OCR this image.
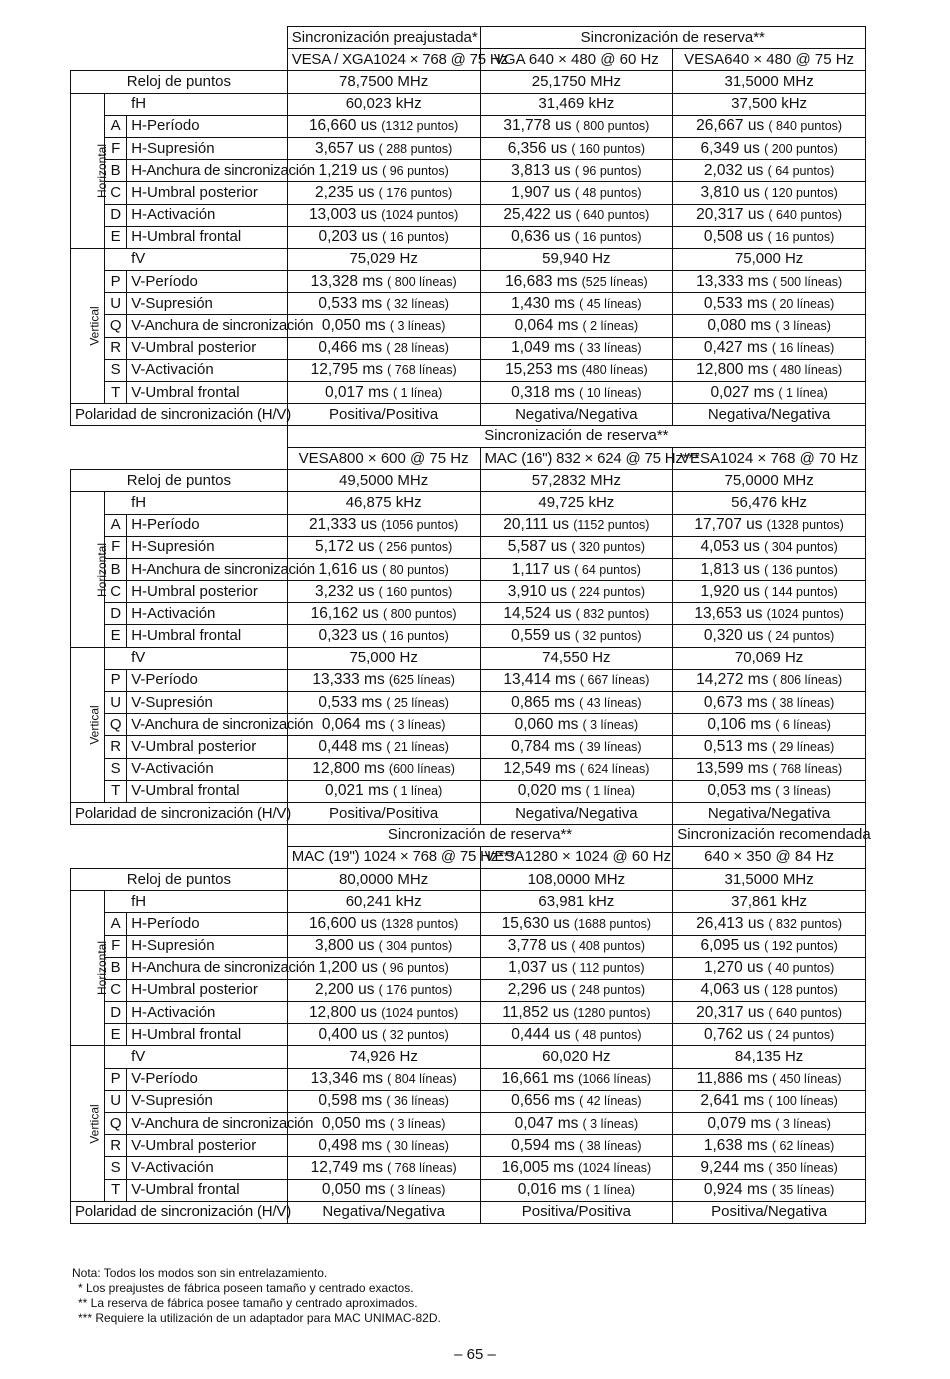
			Sincronización preajustada*	Sincronización de reserva**	
			VESA / XGA1024 × 768 @ 75 Hz	VGA 640 × 480 @ 60 Hz	VESA640 × 480 @ 75 Hz
Reloj de puntos			78,7500 MHz	25,1750 MHz	31,5000 MHz
Horizontal	fH		60,023 kHz	31,469 kHz	37,500 kHz
	A	H-Período	16,660 us (1312 puntos)	31,778 us ( 800 puntos)	26,667 us ( 840 puntos)
	F	H-Supresión	3,657 us ( 288 puntos)	6,356 us ( 160 puntos)	6,349 us ( 200 puntos)
	B	H-Anchura de sincronización	1,219 us ( 96 puntos)	3,813 us ( 96 puntos)	2,032 us ( 64 puntos)
	C	H-Umbral posterior	2,235 us ( 176 puntos)	1,907 us ( 48 puntos)	3,810 us ( 120 puntos)
	D	H-Activación	13,003 us (1024 puntos)	25,422 us ( 640 puntos)	20,317 us ( 640 puntos)
	E	H-Umbral frontal	0,203 us ( 16 puntos)	0,636 us ( 16 puntos)	0,508 us ( 16 puntos)
Vertical	fV		75,029 Hz	59,940 Hz	75,000 Hz
	P	V-Período	13,328 ms ( 800 líneas)	16,683 ms (525 líneas)	13,333 ms ( 500 líneas)
	U	V-Supresión	0,533 ms ( 32 líneas)	1,430 ms ( 45 líneas)	0,533 ms ( 20 líneas)
	Q	V-Anchura de sincronización	0,050 ms ( 3 líneas)	0,064 ms ( 2 líneas)	0,080 ms ( 3 líneas)
	R	V-Umbral posterior	0,466 ms ( 28 líneas)	1,049 ms ( 33 líneas)	0,427 ms ( 16 líneas)
	S	V-Activación	12,795 ms ( 768 líneas)	15,253 ms (480 líneas)	12,800 ms ( 480 líneas)
	T	V-Umbral frontal	0,017 ms ( 1 línea)	0,318 ms ( 10 líneas)	0,027 ms ( 1 línea)
Polaridad de sincronización (H/V)			Positiva/Positiva	Negativa/Negativa	Negativa/Negativa
			Sincronización de reserva**		
			VESA800 × 600 @ 75 Hz	MAC (16") 832 × 624 @ 75 Hz***	VESA1024 × 768 @ 70 Hz
Reloj de puntos			49,5000 MHz	57,2832 MHz	75,0000 MHz
Horizontal	fH		46,875 kHz	49,725 kHz	56,476 kHz
	A	H-Período	21,333 us (1056 puntos)	20,111 us (1152 puntos)	17,707 us (1328 puntos)
	F	H-Supresión	5,172 us ( 256 puntos)	5,587 us ( 320 puntos)	4,053 us ( 304 puntos)
	B	H-Anchura de sincronización	1,616 us ( 80 puntos)	1,117 us ( 64 puntos)	1,813 us ( 136 puntos)
	C	H-Umbral posterior	3,232 us ( 160 puntos)	3,910 us ( 224 puntos)	1,920 us ( 144 puntos)
	D	H-Activación	16,162 us ( 800 puntos)	14,524 us ( 832 puntos)	13,653 us (1024 puntos)
	E	H-Umbral frontal	0,323 us ( 16 puntos)	0,559 us ( 32 puntos)	0,320 us ( 24 puntos)
Vertical	fV		75,000 Hz	74,550 Hz	70,069 Hz
	P	V-Período	13,333 ms (625 líneas)	13,414 ms ( 667 líneas)	14,272 ms ( 806 líneas)
	U	V-Supresión	0,533 ms ( 25 líneas)	0,865 ms ( 43 líneas)	0,673 ms ( 38 líneas)
	Q	V-Anchura de sincronización	0,064 ms ( 3 líneas)	0,060 ms ( 3 líneas)	0,106 ms ( 6 líneas)
	R	V-Umbral posterior	0,448 ms ( 21 líneas)	0,784 ms ( 39 líneas)	0,513 ms ( 29 líneas)
	S	V-Activación	12,800 ms (600 líneas)	12,549 ms ( 624 líneas)	13,599 ms ( 768 líneas)
	T	V-Umbral frontal	0,021 ms ( 1 línea)	0,020 ms ( 1 línea)	0,053 ms ( 3 líneas)
Polaridad de sincronización (H/V)			Positiva/Positiva	Negativa/Negativa	Negativa/Negativa
			Sincronización de reserva**		Sincronización recomendada
			MAC (19") 1024 × 768 @ 75 Hz***	VESA1280 × 1024 @ 60 Hz	640 × 350 @ 84 Hz
Reloj de puntos			80,0000 MHz	108,0000 MHz	31,5000 MHz
Horizontal	fH		60,241 kHz	63,981 kHz	37,861 kHz
	A	H-Período	16,600 us (1328 puntos)	15,630 us (1688 puntos)	26,413 us ( 832 puntos)
	F	H-Supresión	3,800 us ( 304 puntos)	3,778 us ( 408 puntos)	6,095 us ( 192 puntos)
	B	H-Anchura de sincronización	1,200 us ( 96 puntos)	1,037 us ( 112 puntos)	1,270 us ( 40 puntos)
	C	H-Umbral posterior	2,200 us ( 176 puntos)	2,296 us ( 248 puntos)	4,063 us ( 128 puntos)
	D	H-Activación	12,800 us (1024 puntos)	11,852 us (1280 puntos)	20,317 us ( 640 puntos)
	E	H-Umbral frontal	0,400 us ( 32 puntos)	0,444 us ( 48 puntos)	0,762 us ( 24 puntos)
Vertical	fV		74,926 Hz	60,020 Hz	84,135 Hz
	P	V-Período	13,346 ms ( 804 líneas)	16,661 ms (1066 líneas)	11,886 ms ( 450 líneas)
	U	V-Supresión	0,598 ms ( 36 líneas)	0,656 ms ( 42 líneas)	2,641 ms ( 100 líneas)
	Q	V-Anchura de sincronización	0,050 ms ( 3 líneas)	0,047 ms ( 3 líneas)	0,079 ms ( 3 líneas)
	R	V-Umbral posterior	0,498 ms ( 30 líneas)	0,594 ms ( 38 líneas)	1,638 ms ( 62 líneas)
	S	V-Activación	12,749 ms ( 768 líneas)	16,005 ms (1024 líneas)	9,244 ms ( 350 líneas)
	T	V-Umbral frontal	0,050 ms ( 3 líneas)	0,016 ms ( 1 línea)	0,924 ms ( 35 líneas)
Polaridad de sincronización (H/V)			Negativa/Negativa	Positiva/Positiva	Positiva/Negativa
Nota: Todos los modos son sin entrelazamiento.
* Los preajustes de fábrica poseen tamaño y centrado exactos.
** La reserva de fábrica posee tamaño y centrado aproximados.
*** Requiere la utilización de un adaptador para MAC UNIMAC-82D.
– 65 –
